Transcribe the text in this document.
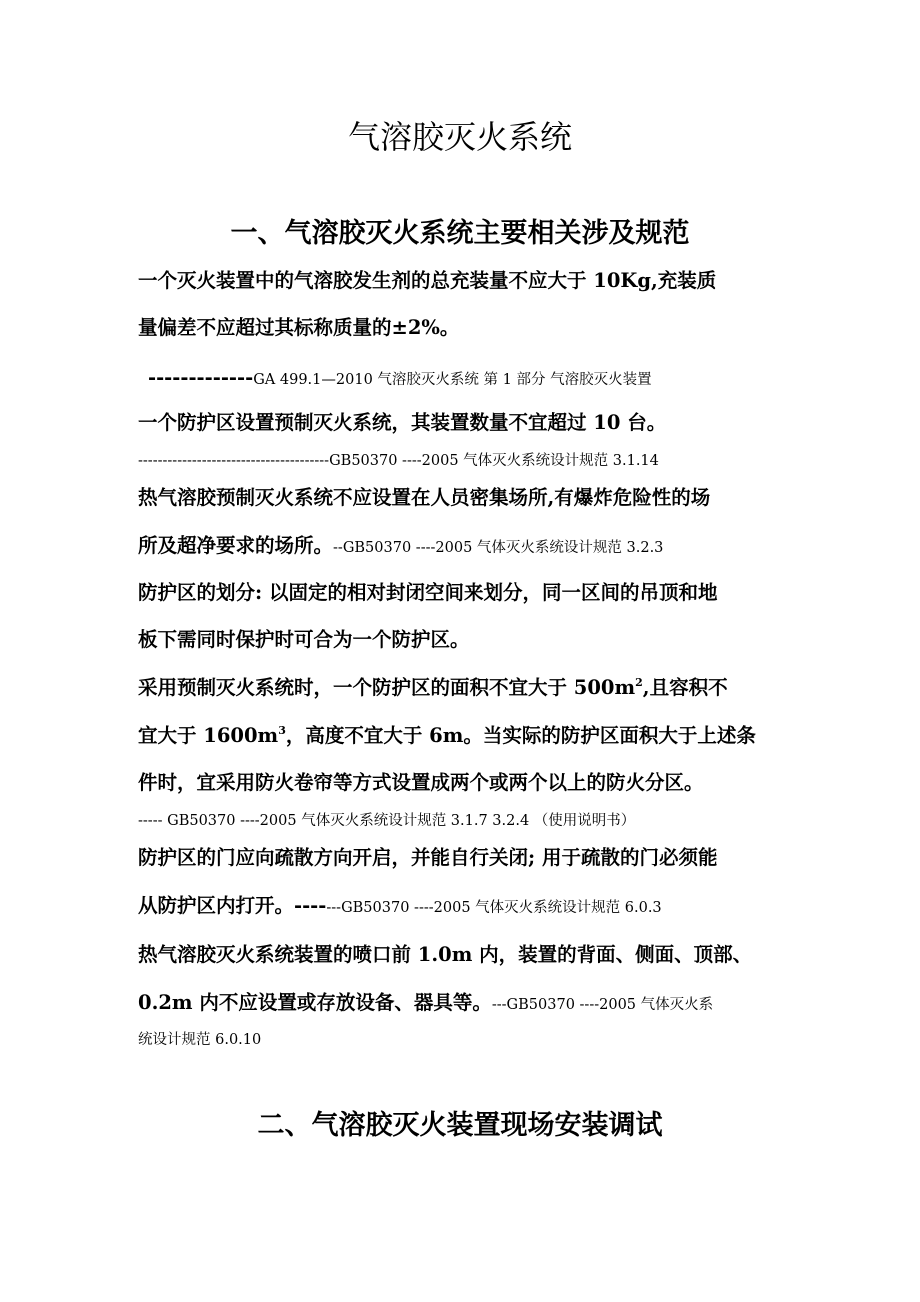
气溶胶灭火系统
一、气溶胶灭火系统主要相关涉及规范
一个灭火装置中的气溶胶发生剂的总充装量不应大于 10Kg,充装质
量偏差不应超过其标称质量的±2%。
-------------GA 499.1—2010 气溶胶灭火系统 第 1 部分 气溶胶灭火装置
一个防护区设置预制灭火系统，其装置数量不宜超过 10 台。
---------------------------------------GB50370 ----2005 气体灭火系统设计规范 3.1.14
热气溶胶预制灭火系统不应设置在人员密集场所,有爆炸危险性的场
所及超净要求的场所。--GB50370 ----2005 气体灭火系统设计规范 3.2.3
防护区的划分: 以固定的相对封闭空间来划分，同一区间的吊顶和地
板下需同时保护时可合为一个防护区。
采用预制灭火系统时，一个防护区的面积不宜大于 $500m^2$,且容积不
宜大于 $1600m^3$，高度不宜大于 6m。当实际的防护区面积大于上述条
件时，宜采用防火卷帘等方式设置成两个或两个以上的防火分区。
----- GB50370 ----2005 气体灭火系统设计规范 3.1.7 3.2.4 （使用说明书）
防护区的门应向疏散方向开启，并能自行关闭; 用于疏散的门必须能
从防护区内打开。-------GB50370 ----2005 气体灭火系统设计规范 6.0.3
热气溶胶灭火系统装置的喷口前 1.0m 内，装置的背面、侧面、顶部、
0.2m 内不应设置或存放设备、器具等。---GB50370 ----2005 气体灭火系
统设计规范 6.0.10
二、气溶胶灭火装置现场安装调试
